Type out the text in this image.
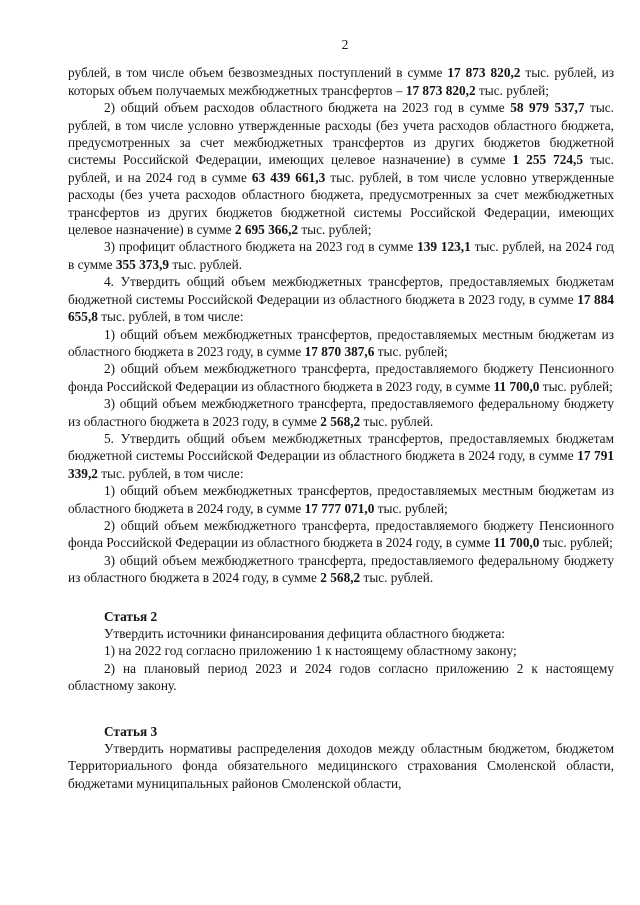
2

рублей, в том числе объем безвозмездных поступлений в сумме 17 873 820,2 тыс. рублей, из которых объем получаемых межбюджетных трансфертов – 17 873 820,2 тыс. рублей;

2) общий объем расходов областного бюджета на 2023 год в сумме 58 979 537,7 тыс. рублей, в том числе условно утвержденные расходы (без учета расходов областного бюджета, предусмотренных за счет межбюджетных трансфертов из других бюджетов бюджетной системы Российской Федерации, имеющих целевое назначение) в сумме 1 255 724,5 тыс. рублей, и на 2024 год в сумме 63 439 661,3 тыс. рублей, в том числе условно утвержденные расходы (без учета расходов областного бюджета, предусмотренных за счет межбюджетных трансфертов из других бюджетов бюджетной системы Российской Федерации, имеющих целевое назначение) в сумме 2 695 366,2 тыс. рублей;

3) профицит областного бюджета на 2023 год в сумме 139 123,1 тыс. рублей, на 2024 год в сумме 355 373,9 тыс. рублей.

4. Утвердить общий объем межбюджетных трансфертов, предоставляемых бюджетам бюджетной системы Российской Федерации из областного бюджета в 2023 году, в сумме 17 884 655,8 тыс. рублей, в том числе:

1) общий объем межбюджетных трансфертов, предоставляемых местным бюджетам из областного бюджета в 2023 году, в сумме 17 870 387,6 тыс. рублей;

2) общий объем межбюджетного трансферта, предоставляемого бюджету Пенсионного фонда Российской Федерации из областного бюджета в 2023 году, в сумме 11 700,0 тыс. рублей;

3) общий объем межбюджетного трансферта, предоставляемого федеральному бюджету из областного бюджета в 2023 году, в сумме 2 568,2 тыс. рублей.

5. Утвердить общий объем межбюджетных трансфертов, предоставляемых бюджетам бюджетной системы Российской Федерации из областного бюджета в 2024 году, в сумме 17 791 339,2 тыс. рублей, в том числе:

1) общий объем межбюджетных трансфертов, предоставляемых местным бюджетам из областного бюджета в 2024 году, в сумме 17 777 071,0 тыс. рублей;

2) общий объем межбюджетного трансферта, предоставляемого бюджету Пенсионного фонда Российской Федерации из областного бюджета в 2024 году, в сумме 11 700,0 тыс. рублей;

3) общий объем межбюджетного трансферта, предоставляемого федеральному бюджету из областного бюджета в 2024 году, в сумме 2 568,2 тыс. рублей.

Статья 2

Утвердить источники финансирования дефицита областного бюджета:

1) на 2022 год согласно приложению 1 к настоящему областному закону;

2) на плановый период 2023 и 2024 годов согласно приложению 2 к настоящему областному закону.

Статья 3

Утвердить нормативы распределения доходов между областным бюджетом, бюджетом Территориального фонда обязательного медицинского страхования Смоленской области, бюджетами муниципальных районов Смоленской области,
